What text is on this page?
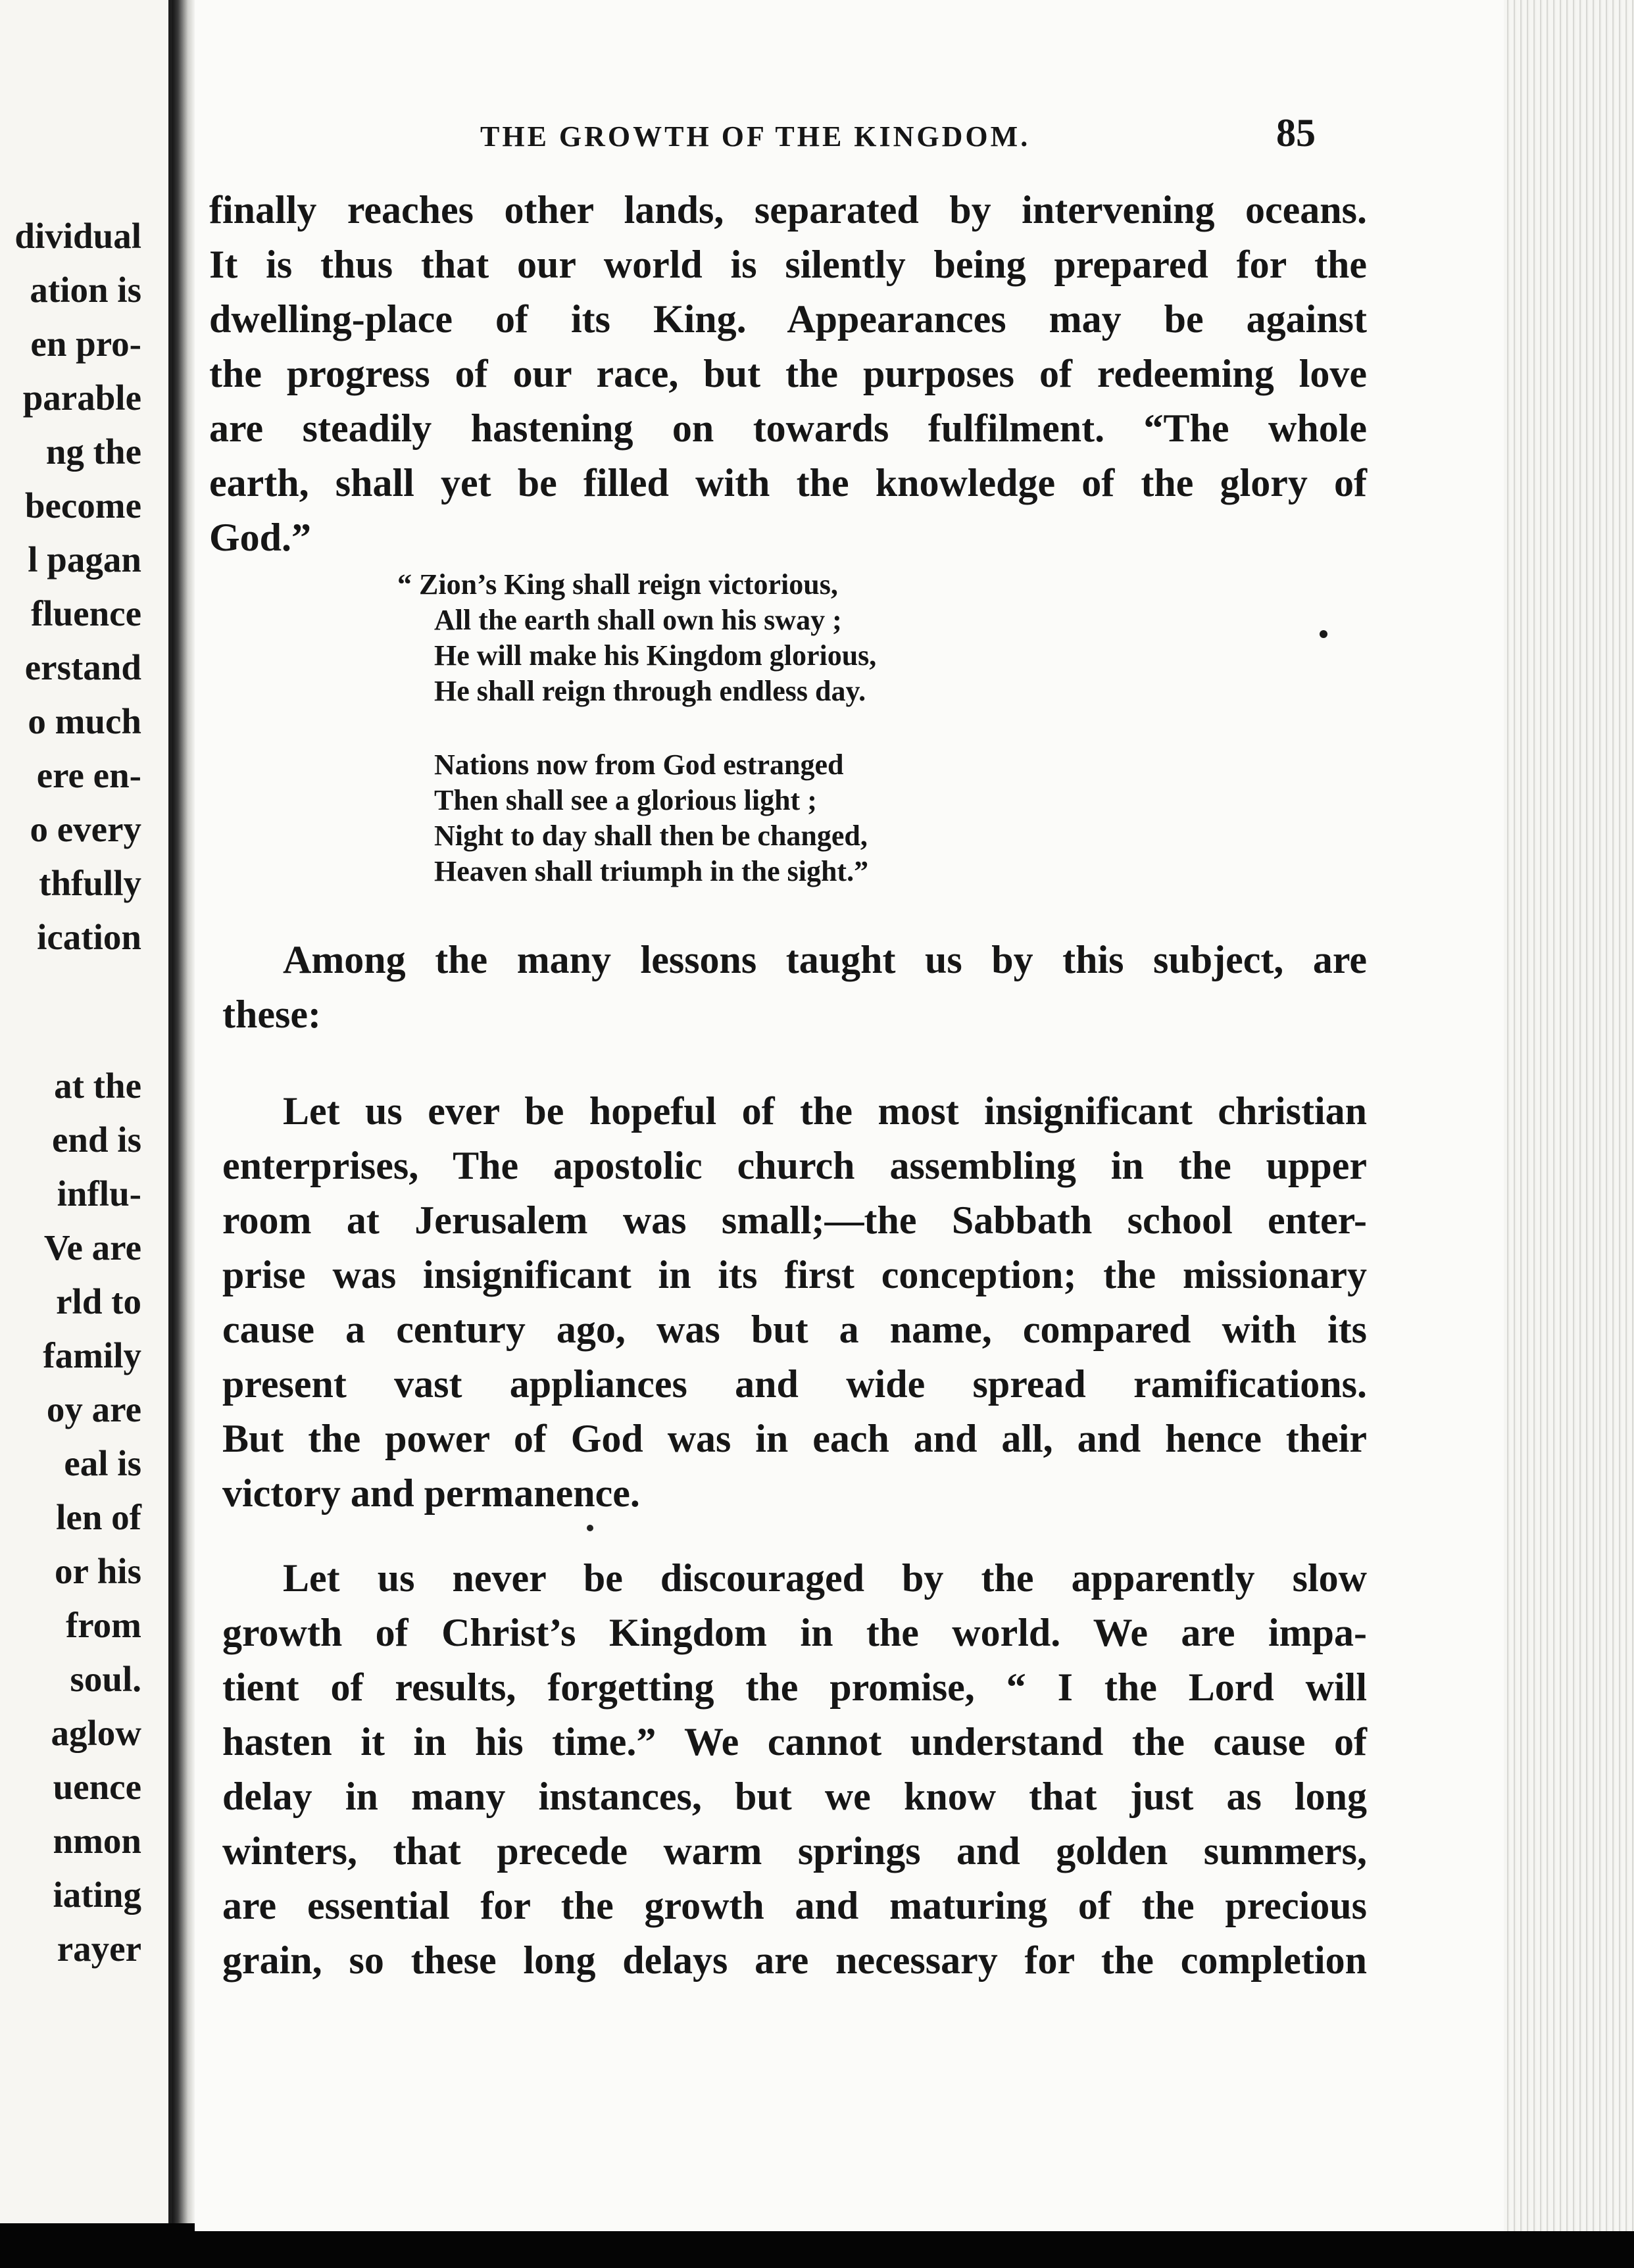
dividual
ation is
en pro-
parable
ng the
become
l pagan
fluence
erstand
o much
ere en-
o every
thfully
ication
at the
end is
influ-
Ve are
rld to
family
oy are
eal is
len of
or his
from
soul.
aglow
uence
nmon
iating
rayer
THE GROWTH OF THE KINGDOM.	85
finally reaches other lands, separated by intervening oceans.
It is thus that our world is silently being prepared for the
dwelling-place of its King. Appearances may be against
the progress of our race, but the purposes of redeeming love
are steadily hastening on towards fulfilment. “The whole
earth, shall yet be filled with the knowledge of the glory of
God.”
“ Zion’s King shall reign victorious,
All the earth shall own his sway ;
He will make his Kingdom glorious,
He shall reign through endless day.
Nations now from God estranged
Then shall see a glorious light ;
Night to day shall then be changed,
Heaven shall triumph in the sight.”
Among the many lessons taught us by this subject, are
these:
Let us ever be hopeful of the most insignificant christian
enterprises, The apostolic church assembling in the upper
room at Jerusalem was small;—the Sabbath school enter-
prise was insignificant in its first conception; the missionary
cause a century ago, was but a name, compared with its
present vast appliances and wide spread ramifications.
But the power of God was in each and all, and hence their
victory and permanence.
Let us never be discouraged by the apparently slow
growth of Christ’s Kingdom in the world. We are impa-
tient of results, forgetting the promise, “ I the Lord will
hasten it in his time.” We cannot understand the cause of
delay in many instances, but we know that just as long
winters, that precede warm springs and golden summers,
are essential for the growth and maturing of the precious
grain, so these long delays are necessary for the completion
